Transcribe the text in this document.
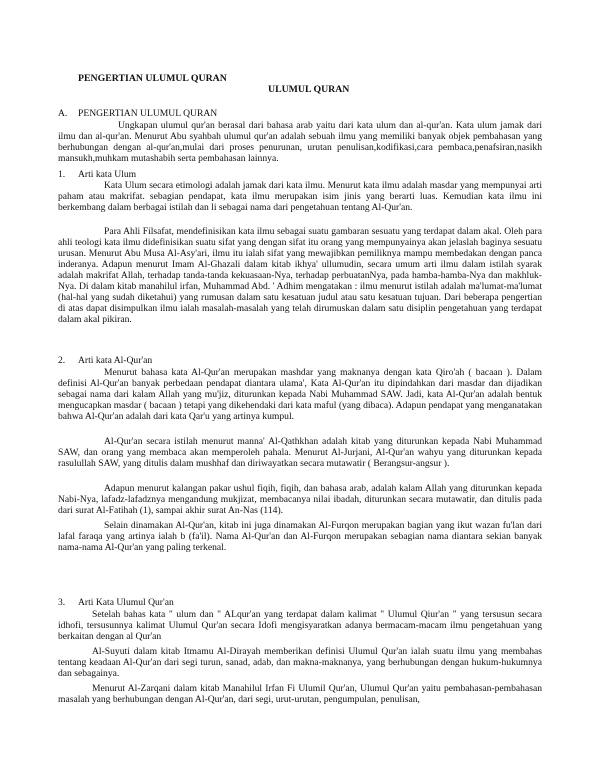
PENGERTIAN ULUMUL QURAN

ULUMUL QURAN

A. PENGERTIAN ULUMUL QURAN

Ungkapan ulumul qur'an berasal dari bahasa arab yaitu dari kata ulum dan al-qur'an. Kata ulum jamak dari ilmu dan al-qur'an. Menurut Abu syahbah ulumul qur'an adalah sebuah ilmu yang memiliki banyak objek pembahasan yang berhubungan dengan al-qur'an,mulai dari proses penurunan, urutan penulisan,kodifikasi,cara pembaca,penafsiran,nasikh mansukh,muhkam mutashabih serta pembahasan lainnya.

1. Arti kata Ulum

Kata Ulum secara etimologi adalah jamak dari kata ilmu. Menurut kata ilmu adalah masdar yang mempunyai arti paham atau makrifat. sebagian pendapat, kata ilmu merupakan isim jinis yang berarti luas. Kemudian kata ilmu ini berkembang dalam berbagai istilah dan li sebagai nama dari pengetahuan tentang Al-Qur'an.

Para Ahli Filsafat, mendefinisikan kata ilmu sebagai suatu gambaran sesuatu yang terdapat dalam akal. Oleh para ahli teologi kata ilmu didefinisikan suatu sifat yang dengan sifat itu orang yang mempunyainya akan jelaslah baginya sesuatu urusan. Menurut Abu Musa Al-Asy'ari, ilmu itu ialah sifat yang mewajibkan pemiliknya mampu membedakan dengan panca inderanya. Adapun menurut Imam Al-Ghazali dalam kitab ikhya' ullumudin, secara umum arti ilmu dalam istilah syarak adalah makrifat Allah, terhadap tanda-tanda kekuasaan-Nya, terhadap perbuatanNya, pada hamba-hamba-Nya dan makhluk-Nya. Di dalam kitab manahilul irfan, Muhammad Abd. ' Adhim mengatakan : ilmu menurut istilah adalah ma'lumat-ma'lumat (hal-hal yang sudah diketahui) yang rumusan dalam satu kesatuan judul atau satu kesatuan tujuan. Dari beberapa pengertian di atas dapat disimpulkan ilmu ialah masalah-masalah yang telah dirumuskan dalam satu disiplin pengetahuan yang terdapat dalam akal pikiran.

2. Arti kata Al-Qur'an

Menurut bahasa kata Al-Qur'an merupakan mashdar yang maknanya dengan kata Qiro'ah ( bacaan ). Dalam definisi Al-Qur'an banyak perbedaan pendapat diantara ulama', Kata Al-Qur'an itu dipindahkan dari masdar dan dijadikan sebagai nama dari kalam Allah yang mu'jiz, diturunkan kepada Nabi Muhammad SAW. Jadi, kata Al-Qur'an adalah bentuk mengucapkan masdar ( bacaan ) tetapi yang dikehendaki dari kata maful (yang dibaca). Adapun pendapat yang menganatakan bahwa Al-Qur'an adalah dari kata Qar'u yang artinya kumpul.

Al-Qur'an secara istilah menurut manna' Al-Qathkhan adalah kitab yang diturunkan kepada Nabi Muhammad SAW, dan orang yang membaca akan memperoleh pahala. Menurut Al-Jurjani, Al-Qur'an wahyu yang diturunkan kepada rasulullah SAW, yang ditulis dalam mushhaf dan diriwayatkan secara mutawatir ( Berangsur-angsur ).

Adapun menurut kalangan pakar ushul fiqih, fiqih, dan bahasa arab, adalah kalam Allah yang diturunkan kepada Nabi-Nya, lafadz-lafadznya mengandung mukjizat, membacanya nilai ibadah, diturunkan secara mutawatir, dan ditulis pada dari surat Al-Fatihah (1), sampai akhir surat An-Nas (114).

Selain dinamakan Al-Qur'an, kitab ini juga dinamakan Al-Furqon merupakan bagian yang ikut wazan fu'lan dari lafal faraqa yang artinya ialah b (fa'il). Nama Al-Qur'an dan Al-Furqon merupakan sebagian nama diantara sekian banyak nama-nama Al-Qur'an yang paling terkenal.

3. Arti Kata Ulumul Qur'an

Setelah bahas kata " ulum dan " ALqur'an yang terdapat dalam kalimat " Ulumul Qiur'an " yang tersusun secara idhofi, tersusunnya kalimat Ulumul Qur'an secara Idofi mengisyaratkan adanya bermacam-macam ilmu pengetahuan yang berkaitan dengan al Qur'an

Al-Suyuti dalam kitab Itmamu Al-Dirayah memberikan definisi Ulumul Qur'an ialah suatu ilmu yang membahas tentang keadaan Al-Qur'an dari segi turun, sanad, adab, dan makna-maknanya, yang berhubungan dengan hukum-hukumnya dan sebagainya.

Menurut Al-Zarqani dalam kitab Manahilul Irfan Fi Ulumil Qur'an, Ulumul Qur'an yaitu pembahasan-pembahasan masalah yang berhubungan dengan Al-Qur'an, dari segi, urut-urutan, pengumpulan, penulisan,
